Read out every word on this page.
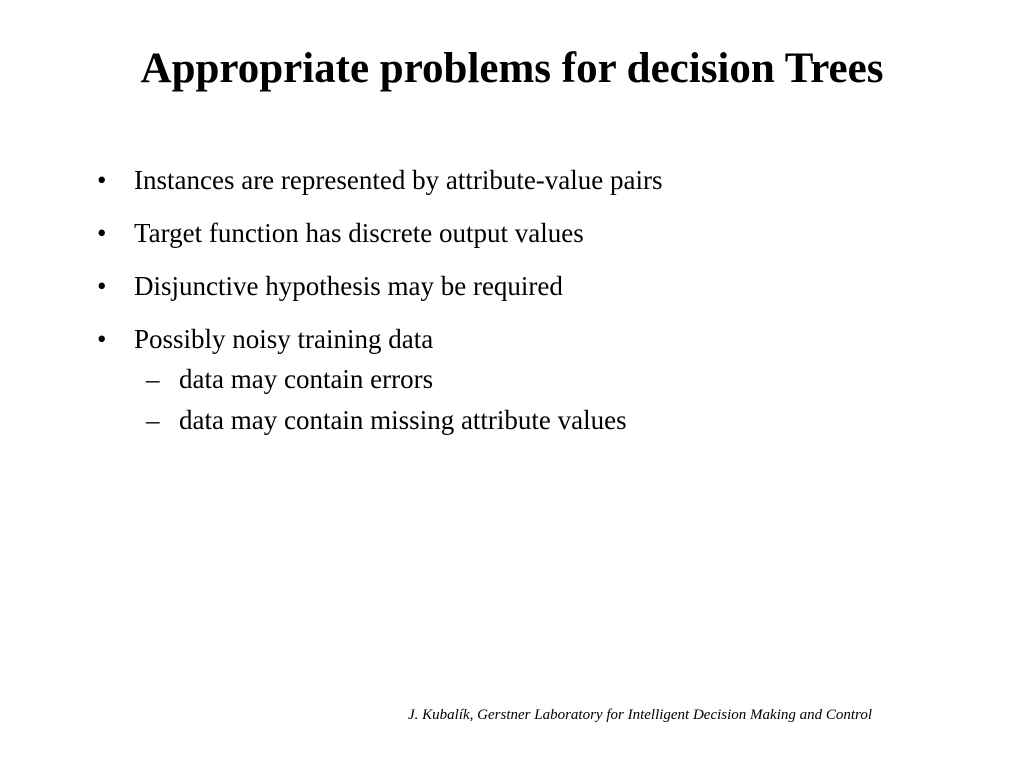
Appropriate problems for decision Trees
• Instances are represented by attribute-value pairs
• Target function has discrete output values
• Disjunctive hypothesis may be required
• Possibly noisy training data
– data may contain errors
– data may contain missing attribute values
J. Kubalík, Gerstner Laboratory for Intelligent Decision Making and Control
